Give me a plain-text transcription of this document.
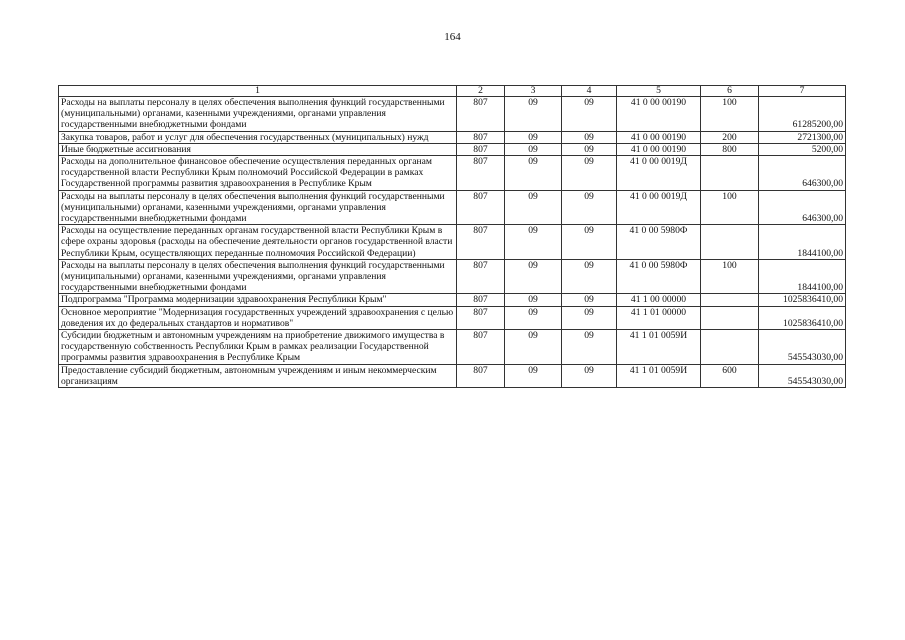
164
1	2	3	4	5	6	7
Расходы на выплаты персоналу в целях обеспечения выполнения функций государственными (муниципальными) органами, казенными учреждениями, органами управления государственными внебюджетными фондами	807	09	09	41 0 00 00190	100	61285200,00
Закупка товаров, работ и услуг для обеспечения государственных (муниципальных) нужд	807	09	09	41 0 00 00190	200	2721300,00
Иные бюджетные ассигнования	807	09	09	41 0 00 00190	800	5200,00
Расходы на дополнительное финансовое обеспечение осуществления переданных органам государственной власти Республики Крым полномочий Российской Федерации в рамках Государственной программы развития здравоохранения в Республике Крым	807	09	09	41 0 00 0019Д		646300,00
Расходы на выплаты персоналу в целях обеспечения выполнения функций государственными (муниципальными) органами, казенными учреждениями, органами управления государственными внебюджетными фондами	807	09	09	41 0 00 0019Д	100	646300,00
Расходы на осуществление переданных органам государственной власти Республики Крым в сфере охраны здоровья (расходы на обеспечение деятельности органов государственной власти Республики Крым, осуществляющих переданные полномочия Российской Федерации)	807	09	09	41 0 00 5980Ф		1844100,00
Расходы на выплаты персоналу в целях обеспечения выполнения функций государственными (муниципальными) органами, казенными учреждениями, органами управления государственными внебюджетными фондами	807	09	09	41 0 00 5980Ф	100	1844100,00
Подпрограмма "Программа модернизации здравоохранения Республики Крым"	807	09	09	41 1 00 00000		1025836410,00
Основное мероприятие "Модернизация государственных учреждений здравоохранения с целью доведения их до федеральных стандартов и нормативов"	807	09	09	41 1 01 00000		1025836410,00
Субсидии бюджетным и автономным учреждениям на приобретение движимого имущества в государственную собственность Республики Крым в рамках реализации Государственной программы развития здравоохранения в Республике Крым	807	09	09	41 1 01 0059И		545543030,00
Предоставление субсидий бюджетным, автономным учреждениям и иным некоммерческим организациям	807	09	09	41 1 01 0059И	600	545543030,00
